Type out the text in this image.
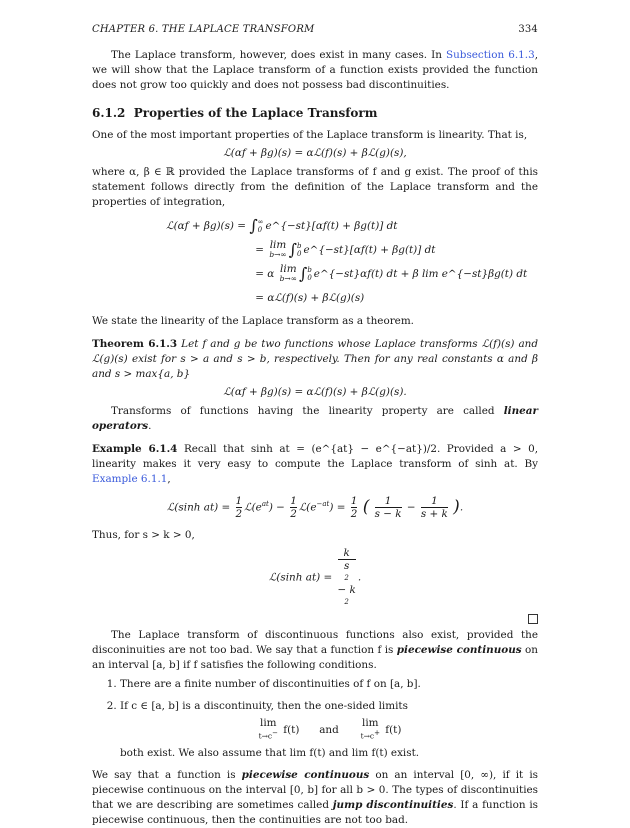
CHAPTER 6. THE LAPLACE TRANSFORM	334

The Laplace transform, however, does exist in many cases. In Subsection 6.1.3, we will show that the Laplace transform of a function exists provided the function does not grow too quickly and does not possess bad discontinuities.

6.1.2 Properties of the Laplace Transform

One of the most important properties of the Laplace transform is linearity. That is,

ℒ(αf + βg)(s) = αℒ(f)(s) + βℒ(g)(s),

where α, β ∈ ℝ provided the Laplace transforms of f and g exist. The proof of this statement follows directly from the definition of the Laplace transform and the properties of integration,

ℒ(αf + βg)(s) = ∫ ∞
0 e^{−st}[αf(t) + βg(t)] dt
= lim
b→∞ ∫ b
0 e^{−st}[αf(t) + βg(t)] dt
= α lim
b→∞ ∫ b
0 e^{−st}αf(t) dt + β lim e^{−st}βg(t) dt
= αℒ(f)(s) + βℒ(g)(s)

We state the linearity of the Laplace transform as a theorem.

Theorem 6.1.3 Let f and g be two functions whose Laplace transforms ℒ(f)(s) and ℒ(g)(s) exist for s > a and s > b, respectively. Then for any real constants α and β and s > max{a, b}

ℒ(αf + βg)(s) = αℒ(f)(s) + βℒ(g)(s).

Transforms of functions having the linearity property are called linear operators.

Example 6.1.4 Recall that sinh at = (e^{at} − e^{−at})/2. Provided a > 0, linearity makes it very easy to compute the Laplace transform of sinh at. By Example 6.1.1,

ℒ(sinh $at) = \frac{1}{2}$ $ℒ(e^{at}) - \frac{1}{2}$ $ℒ(e^{-at}) = \frac{1}{2}$ ( $\frac{1}{s - k} - \frac{1}{s + k}$ ).

Thus, for s > k > 0,

ℒ(sinh at) = k
s
2
− k
2 .

The Laplace transform of discontinuous functions also exist, provided the disconinuities are not too bad. We say that a function f is piecewise continuous on an interval [a, b] if f satisfies the following conditions.

1. There are a finite number of discontinuities of f on [a, b].
2. If c ∈ [a, b] is a discontinuity, then the one-sided limits
lim
t→c− f(t)      and      lim
t→c+ f(t)
both exist. We also assume that lim f(t) and lim f(t) exist.

We say that a function is piecewise continuous on an interval [0, ∞), if it is piecewise continuous on the interval [0, b] for all b > 0. The types of discontinuities that we are describing are sometimes called jump discontinuities. If a function is piecewise continuous, then the continuities are not too bad.
